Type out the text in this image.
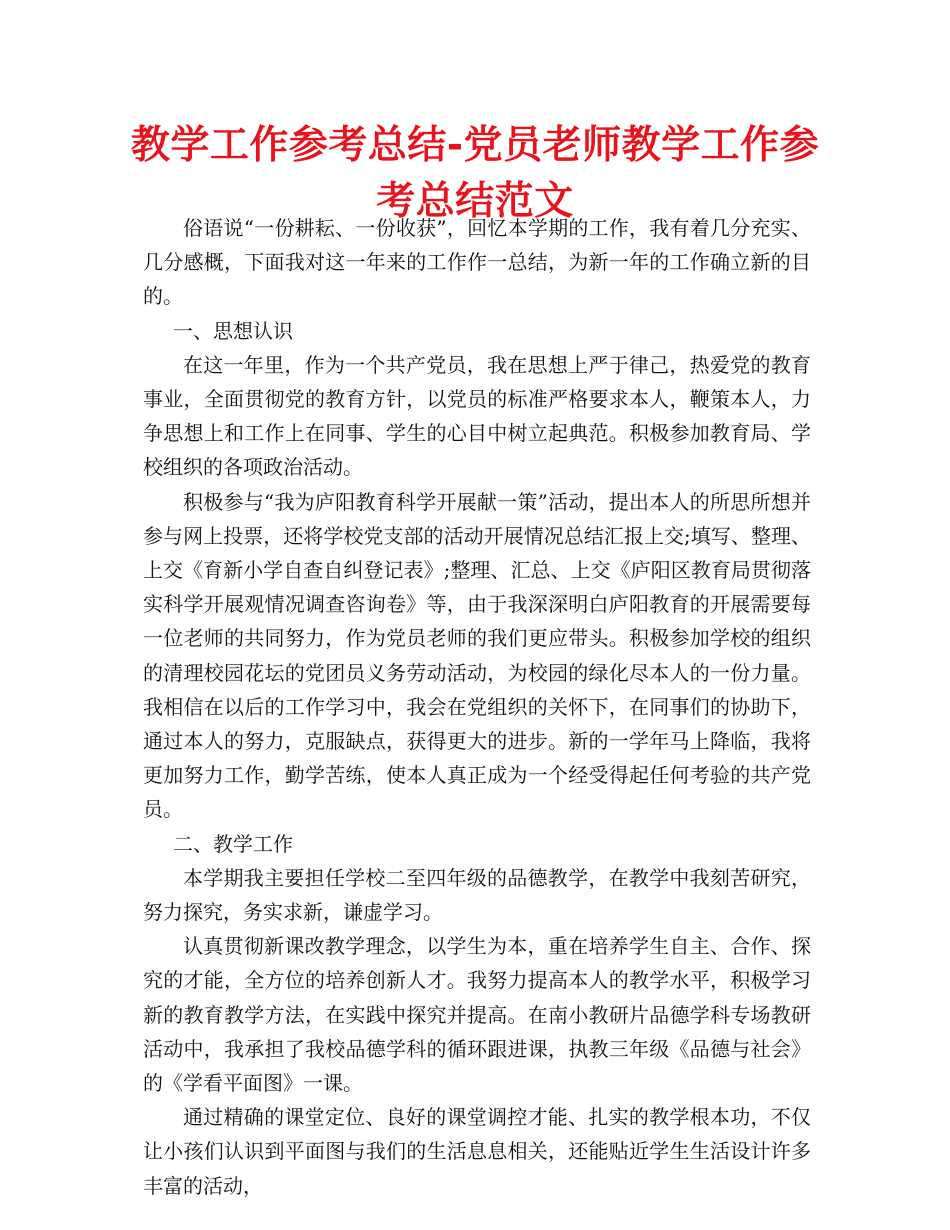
教学工作参考总结-党员老师教学工作参考总结范文

俗语说“一份耕耘、一份收获”，回忆本学期的工作，我有着几分充实、几分感概，下面我对这一年来的工作作一总结，为新一年的工作确立新的目的。

一、思想认识

在这一年里，作为一个共产党员，我在思想上严于律己，热爱党的教育事业，全面贯彻党的教育方针，以党员的标准严格要求本人，鞭策本人，力争思想上和工作上在同事、学生的心目中树立起典范。积极参加教育局、学校组织的各项政治活动。

积极参与“我为庐阳教育科学开展献一策”活动，提出本人的所思所想并参与网上投票，还将学校党支部的活动开展情况总结汇报上交;填写、整理、上交《育新小学自查自纠登记表》;整理、汇总、上交《庐阳区教育局贯彻落实科学开展观情况调查咨询卷》等，由于我深深明白庐阳教育的开展需要每一位老师的共同努力，作为党员老师的我们更应带头。积极参加学校的组织的清理校园花坛的党团员义务劳动活动，为校园的绿化尽本人的一份力量。我相信在以后的工作学习中，我会在党组织的关怀下，在同事们的协助下，通过本人的努力，克服缺点，获得更大的进步。新的一学年马上降临，我将更加努力工作，勤学苦练，使本人真正成为一个经受得起任何考验的共产党员。

二、教学工作

本学期我主要担任学校二至四年级的品德教学，在教学中我刻苦研究，努力探究，务实求新，谦虚学习。

认真贯彻新课改教学理念，以学生为本，重在培养学生自主、合作、探究的才能，全方位的培养创新人才。我努力提高本人的教学水平，积极学习新的教育教学方法，在实践中探究并提高。在南小教研片品德学科专场教研活动中，我承担了我校品德学科的循环跟进课，执教三年级《品德与社会》的《学看平面图》一课。

通过精确的课堂定位、良好的课堂调控才能、扎实的教学根本功，不仅让小孩们认识到平面图与我们的生活息息相关，还能贴近学生生活设计许多丰富的活动，
